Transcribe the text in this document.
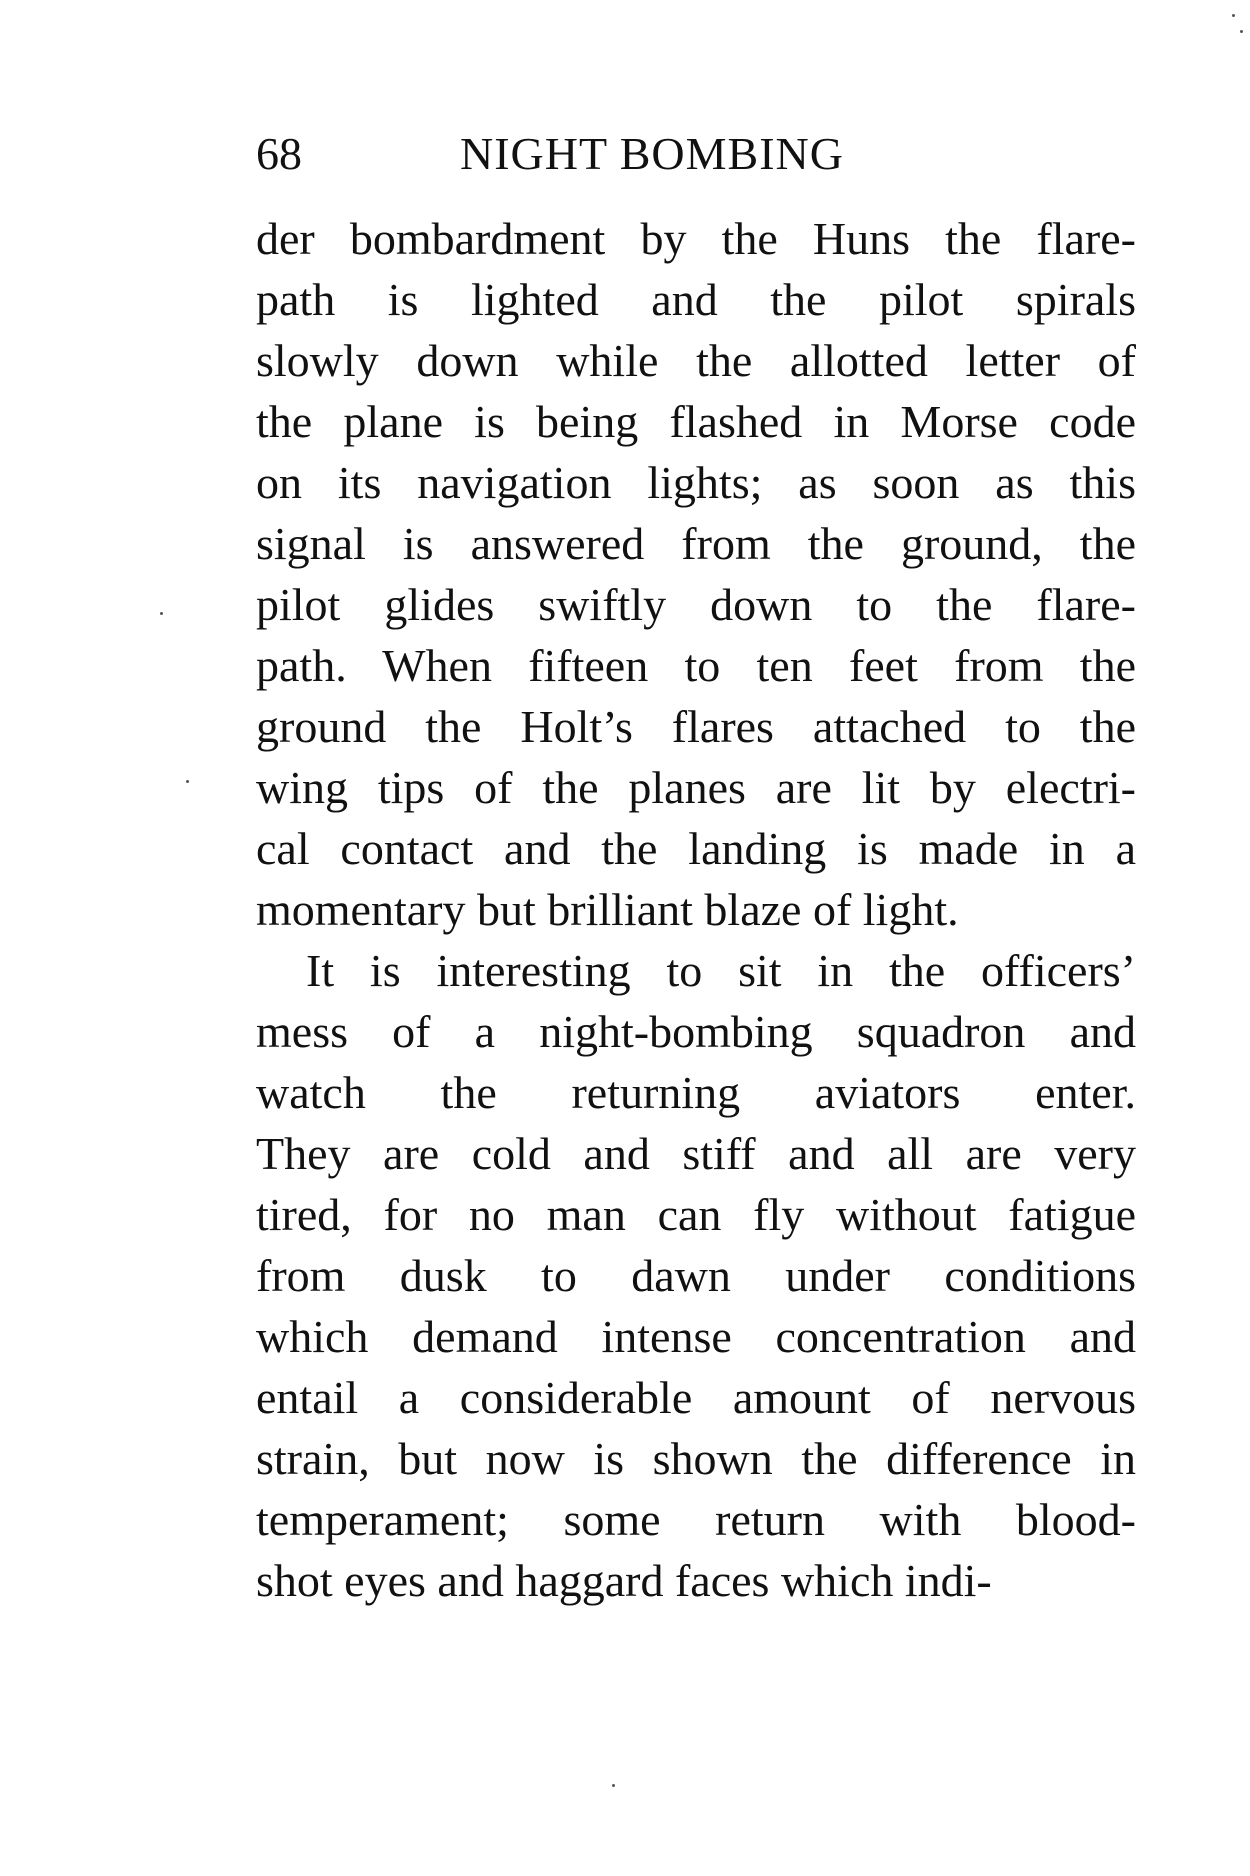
68	NIGHT BOMBING
der bombardment by the Huns the flare-
path is lighted and the pilot spirals
slowly down while the allotted letter of
the plane is being flashed in Morse code
on its navigation lights; as soon as this
signal is answered from the ground, the
pilot glides swiftly down to the flare-
path. When fifteen to ten feet from the
ground the Holt’s flares attached to the
wing tips of the planes are lit by electri-
cal contact and the landing is made in a
momentary but brilliant blaze of light.
It is interesting to sit in the officers’
mess of a night-bombing squadron and
watch the returning aviators enter.
They are cold and stiff and all are very
tired, for no man can fly without fatigue
from dusk to dawn under conditions
which demand intense concentration and
entail a considerable amount of nervous
strain, but now is shown the difference in
temperament; some return with blood-
shot eyes and haggard faces which indi-
